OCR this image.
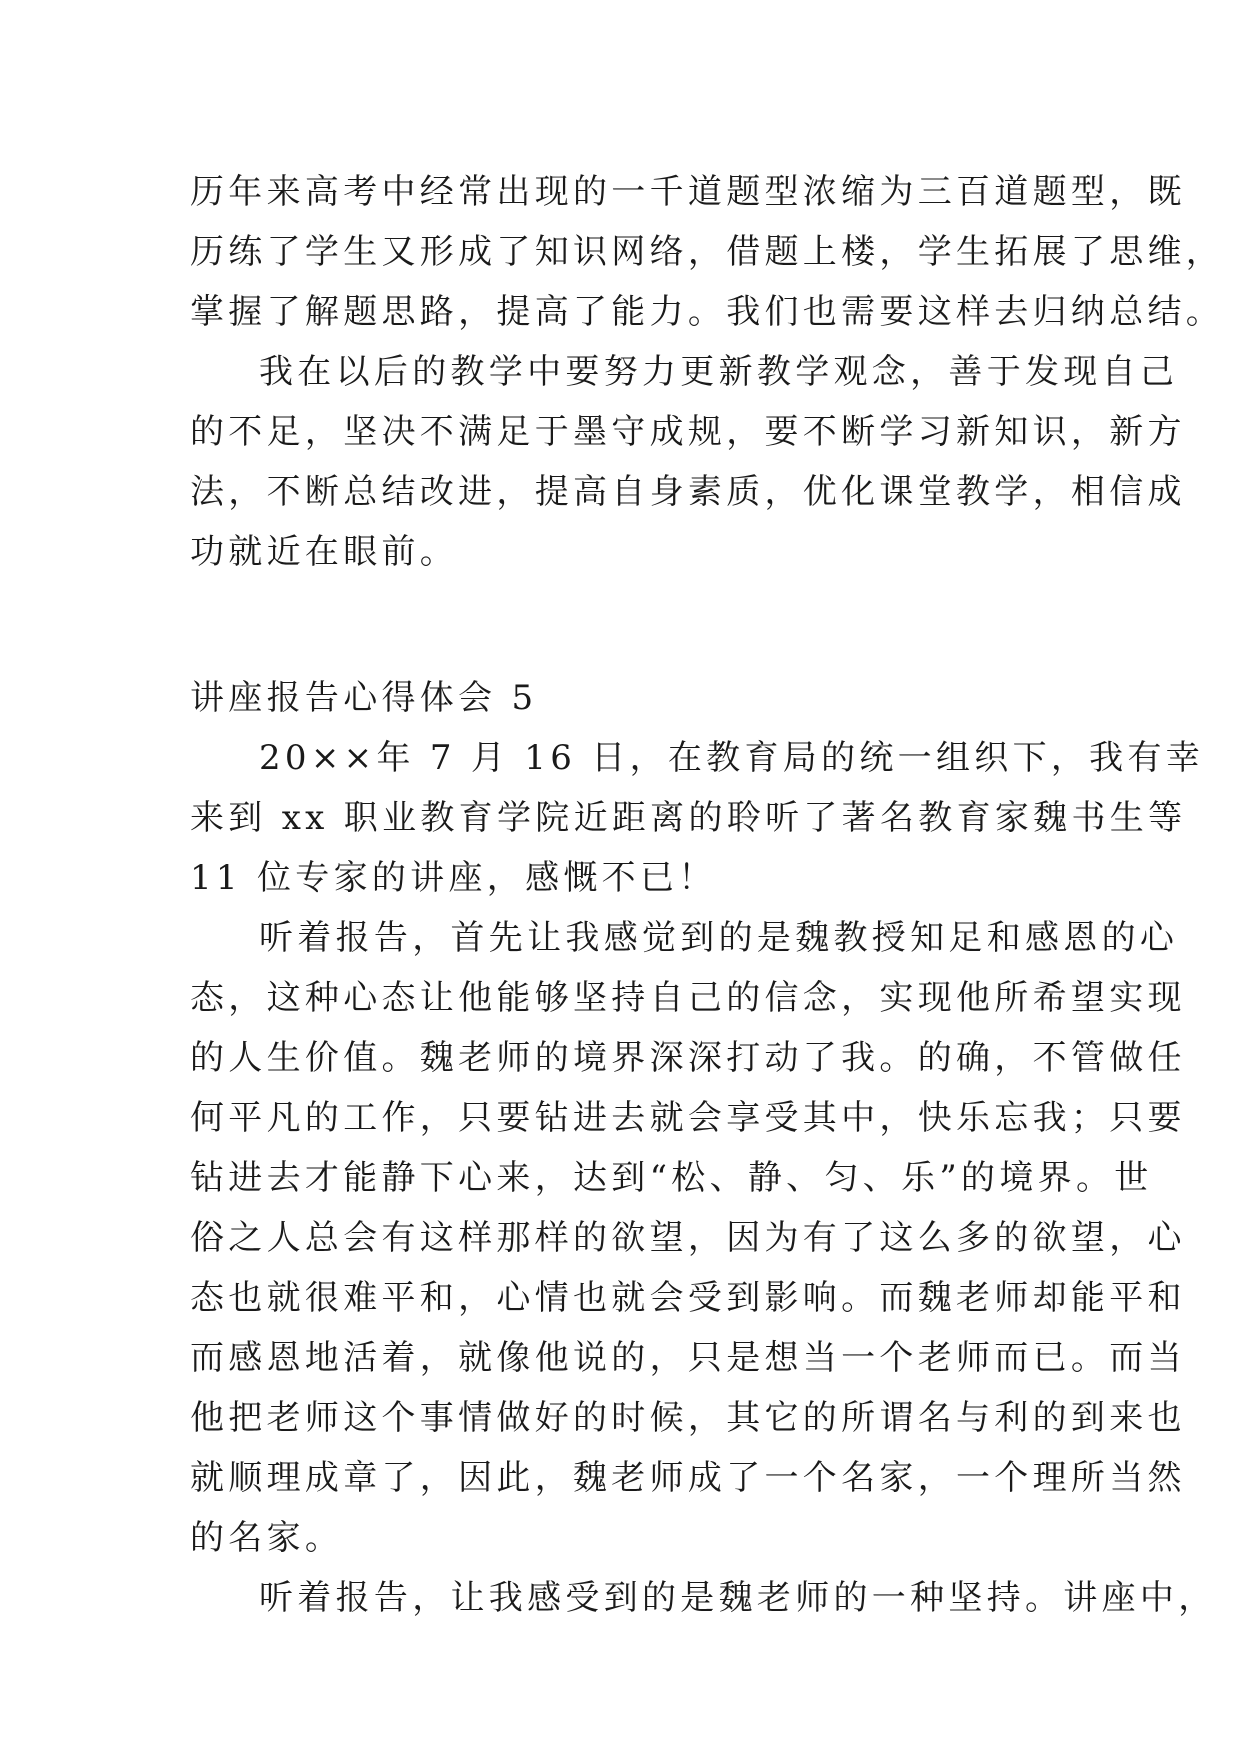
历年来高考中经常出现的一千道题型浓缩为三百道题型，既
历练了学生又形成了知识网络，借题上楼，学生拓展了思维，
掌握了解题思路，提高了能力。我们也需要这样去归纳总结。
我在以后的教学中要努力更新教学观念，善于发现自己
的不足，坚决不满足于墨守成规，要不断学习新知识，新方
法，不断总结改进，提高自身素质，优化课堂教学，相信成
功就近在眼前。
讲座报告心得体会 5
20××年 7 月 16 日，在教育局的统一组织下，我有幸
来到 xx 职业教育学院近距离的聆听了著名教育家魏书生等
11 位专家的讲座，感慨不已！
听着报告，首先让我感觉到的是魏教授知足和感恩的心
态，这种心态让他能够坚持自己的信念，实现他所希望实现
的人生价值。魏老师的境界深深打动了我。的确，不管做任
何平凡的工作，只要钻进去就会享受其中，快乐忘我；只要
钻进去才能静下心来，达到“松、静、匀、乐”的境界。世
俗之人总会有这样那样的欲望，因为有了这么多的欲望，心
态也就很难平和，心情也就会受到影响。而魏老师却能平和
而感恩地活着，就像他说的，只是想当一个老师而已。而当
他把老师这个事情做好的时候，其它的所谓名与利的到来也
就顺理成章了，因此，魏老师成了一个名家，一个理所当然
的名家。
听着报告，让我感受到的是魏老师的一种坚持。讲座中，
